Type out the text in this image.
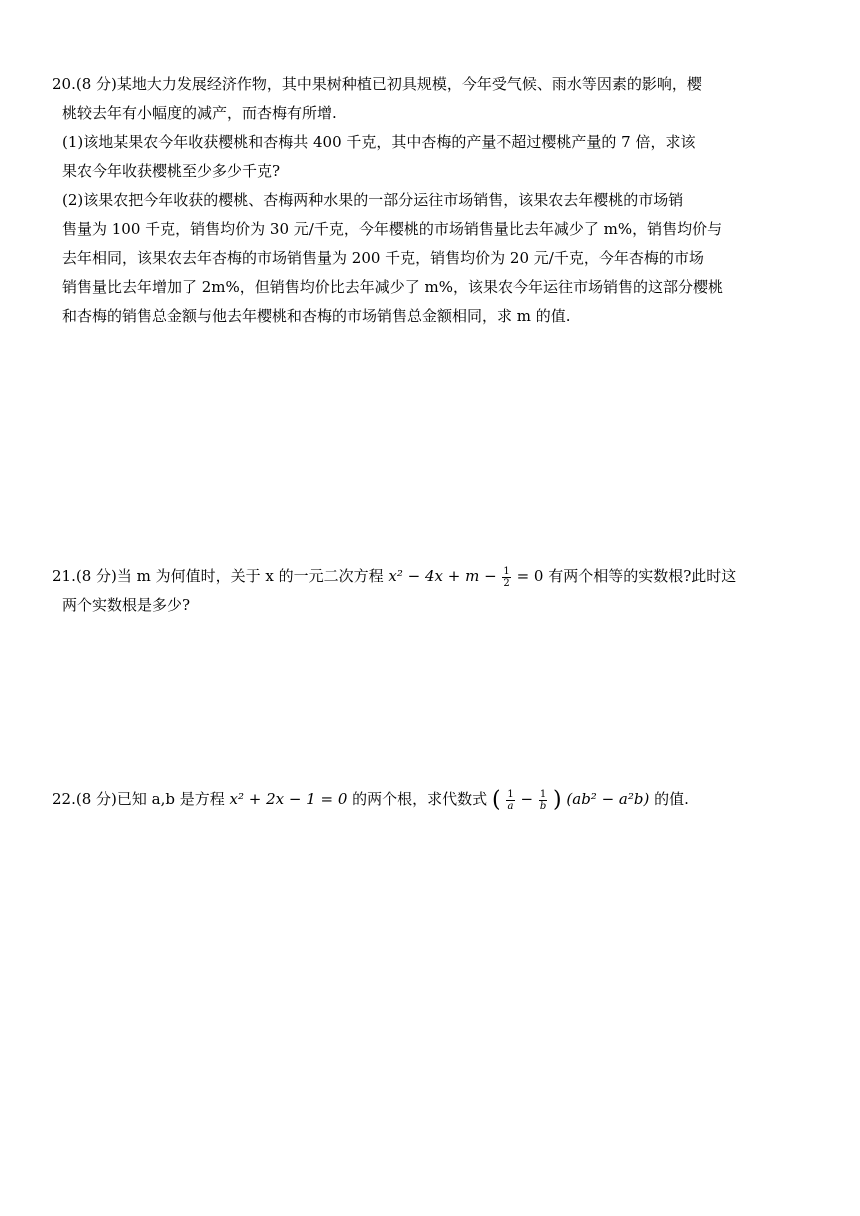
20.(8 分)某地大力发展经济作物，其中果树种植已初具规模，今年受气候、雨水等因素的影响，樱
桃较去年有小幅度的减产，而杏梅有所增.
(1)该地某果农今年收获樱桃和杏梅共 400 千克，其中杏梅的产量不超过樱桃产量的 7 倍，求该
果农今年收获樱桃至少多少千克?
(2)该果农把今年收获的樱桃、杏梅两种水果的一部分运往市场销售，该果农去年樱桃的市场销
售量为 100 千克，销售均价为 30 元/千克，今年樱桃的市场销售量比去年减少了 m%，销售均价与
去年相同，该果农去年杏梅的市场销售量为 200 千克，销售均价为 20 元/千克，今年杏梅的市场
销售量比去年增加了 2m%，但销售均价比去年减少了 m%，该果农今年运往市场销售的这部分樱桃
和杏梅的销售总金额与他去年樱桃和杏梅的市场销售总金额相同，求 m 的值.
21.(8 分)当 m 为何值时，关于 x 的一元二次方程 $x^2 - 4x + m - \frac{1}{2} = 0$ 有两个相等的实数根?此时这
两个实数根是多少?
22.(8 分)已知 a,b 是方程 x² + 2x − 1 = 0 的两个根，求代数式 ( $\frac{1}{a} - \frac{1}{b}$ ) (ab² − a²b) 的值.
